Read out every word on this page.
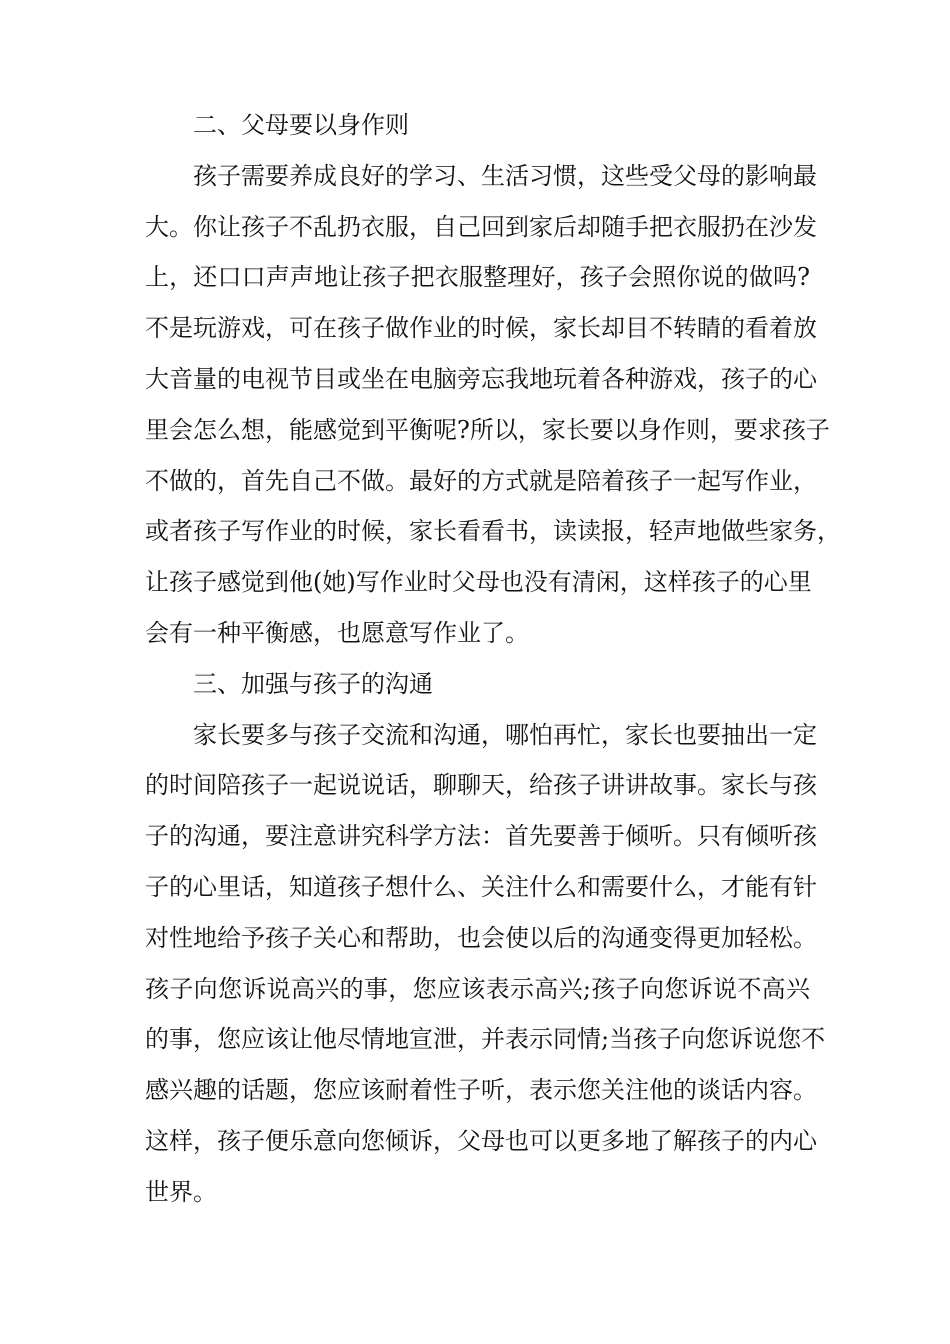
二、父母要以身作则
孩子需要养成良好的学习、生活习惯，这些受父母的影响最
大。你让孩子不乱扔衣服，自己回到家后却随手把衣服扔在沙发
上，还口口声声地让孩子把衣服整理好，孩子会照你说的做吗?
不是玩游戏，可在孩子做作业的时候，家长却目不转睛的看着放
大音量的电视节目或坐在电脑旁忘我地玩着各种游戏，孩子的心
里会怎么想，能感觉到平衡呢?所以，家长要以身作则，要求孩子
不做的，首先自己不做。最好的方式就是陪着孩子一起写作业，
或者孩子写作业的时候，家长看看书，读读报，轻声地做些家务，
让孩子感觉到他(她)写作业时父母也没有清闲，这样孩子的心里
会有一种平衡感，也愿意写作业了。
三、加强与孩子的沟通
家长要多与孩子交流和沟通，哪怕再忙，家长也要抽出一定
的时间陪孩子一起说说话，聊聊天，给孩子讲讲故事。家长与孩
子的沟通，要注意讲究科学方法：首先要善于倾听。只有倾听孩
子的心里话，知道孩子想什么、关注什么和需要什么，才能有针
对性地给予孩子关心和帮助，也会使以后的沟通变得更加轻松。
孩子向您诉说高兴的事，您应该表示高兴;孩子向您诉说不高兴
的事，您应该让他尽情地宣泄，并表示同情;当孩子向您诉说您不
感兴趣的话题，您应该耐着性子听，表示您关注他的谈话内容。
这样，孩子便乐意向您倾诉，父母也可以更多地了解孩子的内心
世界。
